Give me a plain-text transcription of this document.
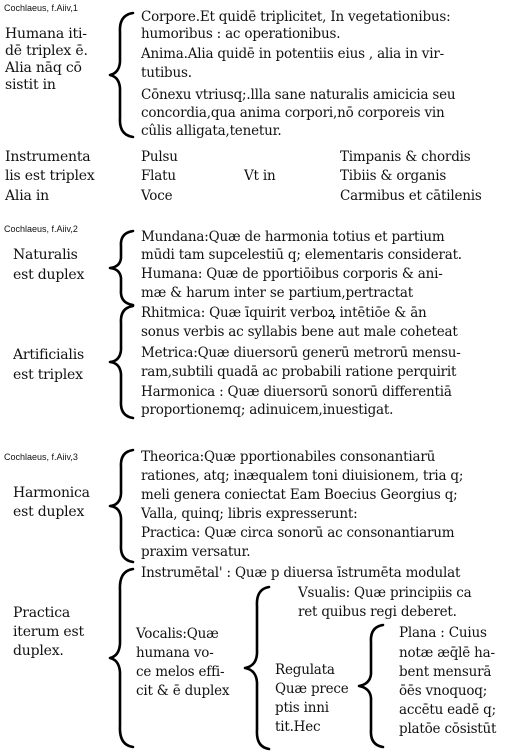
Cochlaeus, f.Aiiv,1
Humana iti-
dē triplex ē.
Alia nāq cō
sistit in
Corpore.Et quidē triplicitet, In vegetationibus:
humoribus : ac operationibus.
Anima.Alia quidē in potentiis eius , alia in vir-
tutibus.
Cōnexu vtriusq;.llla sane naturalis amicicia seu
concordia,qua anima corpori,nō corporeis vin
cûlis alligata,tenetur.
Instrumenta
lis est triplex
Alia in
Pulsu
Flatu
Voce
Vt in
Timpanis & chordis
Tibiis & organis
Carmibus et cātilenis
Cochlaeus, f.Aiiv,2
Naturalis
est duplex
Mundana:Quæ de harmonia totius et partium
mūdi tam supcelestiū q; elementaris considerat.
Humana: Quæ de pportiōibus corporis & ani-
mæ & harum inter se partium,pertractat
Artificialis
est triplex
Rhitmica: Quæ īquirit verboꝝ intētiōe & ān
sonus verbis ac syllabis bene aut male coheteat
Metrica:Quæ diuersorū generū metrorū mensu-
ram,subtili quadā ac probabili ratione perquirit
Harmonica : Quæ diuersorū sonorū differentiā
proportionemq; adinuicem,inuestigat.
Cochlaeus, f.Aiiv,3
Harmonica
est duplex
Theorica:Quæ pportionabiles consonantiarū
rationes, atq; inæqualem toni diuisionem, tria q;
meli genera coniectat Eam Boecius Georgius q;
Valla, quinq; libris expresserunt:
Practica: Quæ circa sonorū ac consonantiarum
praxim versatur.
Practica
iterum est
duplex.
Instrumētal' : Quæ p diuersa īstrumēta modulat
Vocalis:Quæ
humana vo-
ce melos effi-
cit & ē duplex
Vsualis: Quæ principiis ca
ret quibus regi deberet.
Regulata
Quæ prece
ptis inni
tit.Hec
Plana : Cuius
notæ æq̄lē ha-
bent mensurā
ōēs vnoquoq;
accētu eadē q;
platōe cōsistūt
